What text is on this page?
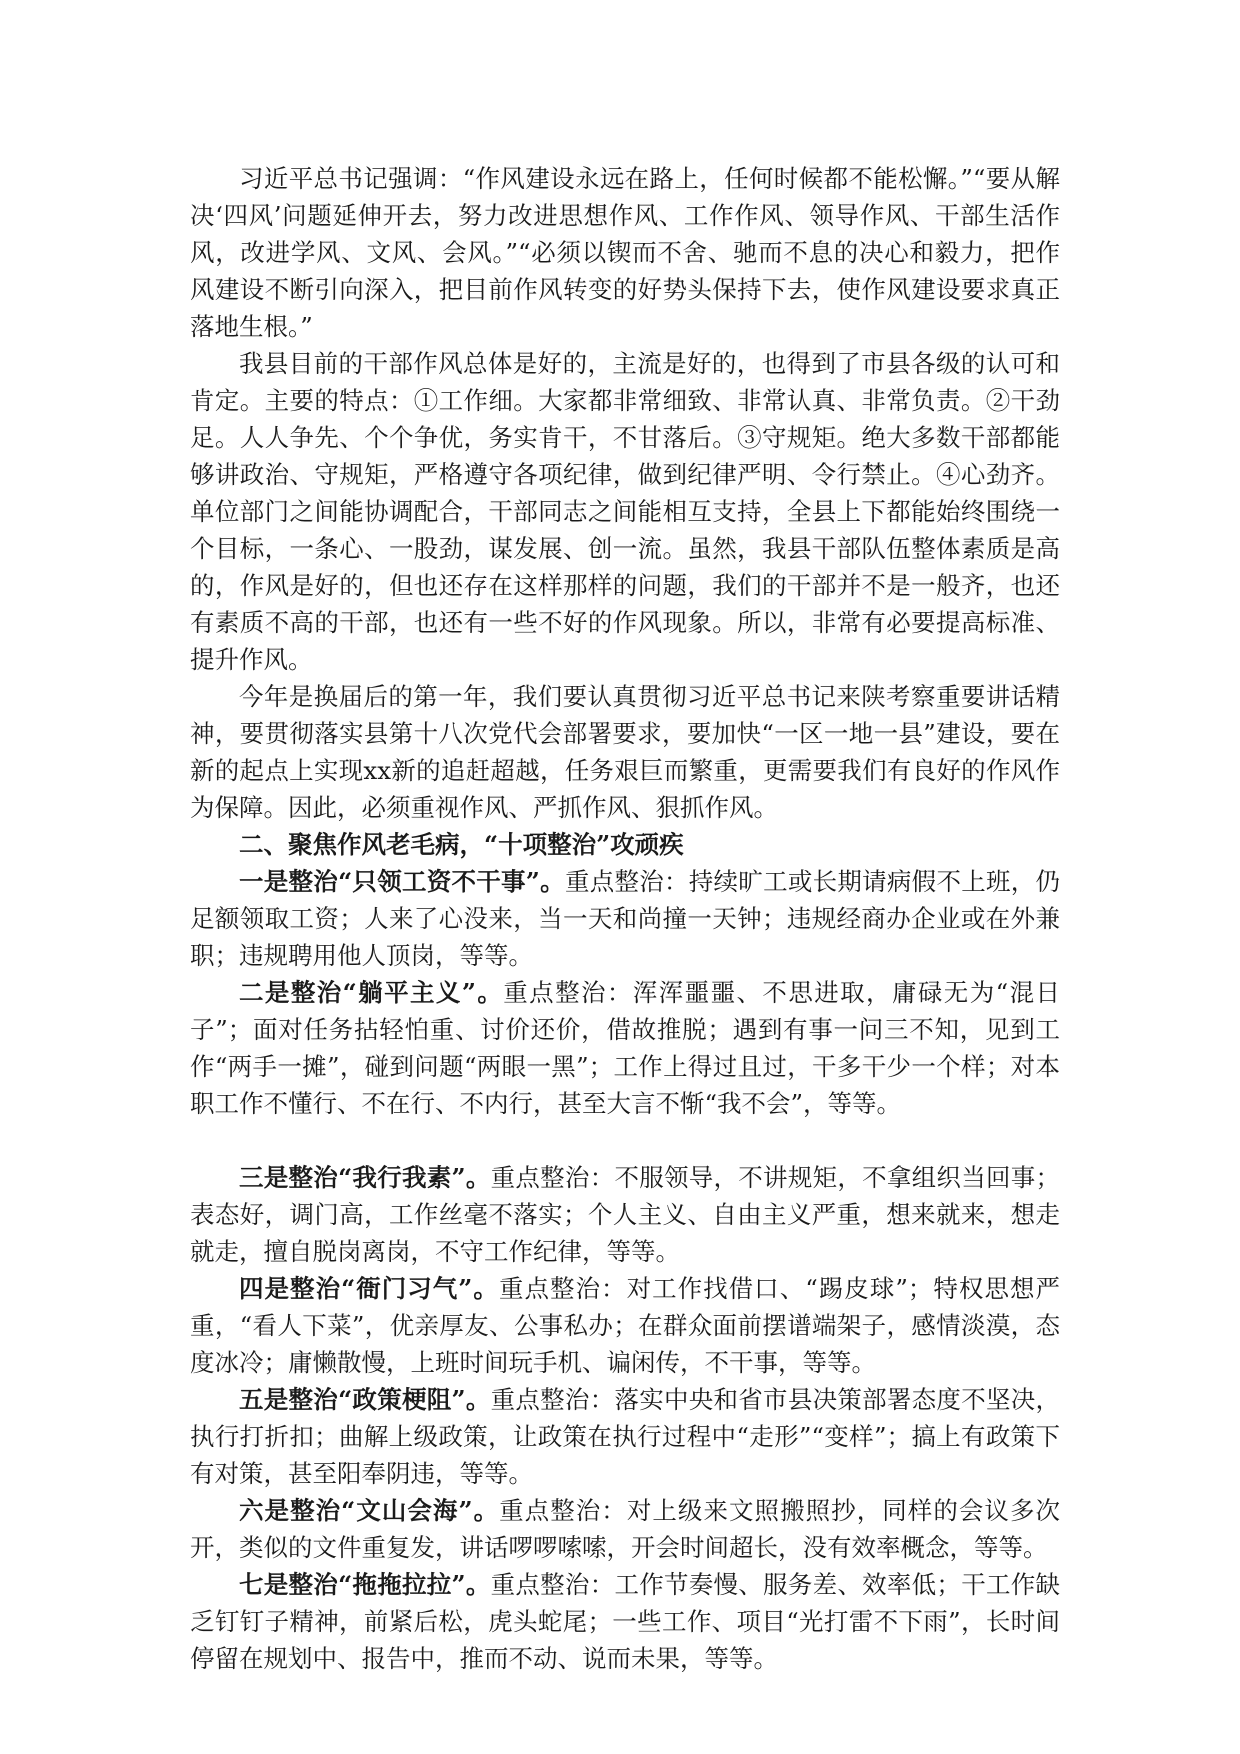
习近平总书记强调：“作风建设永远在路上，任何时候都不能松懈。”“要从解决‘四风’问题延伸开去，努力改进思想作风、工作作风、领导作风、干部生活作风，改进学风、文风、会风。”“必须以锲而不舍、驰而不息的决心和毅力，把作风建设不断引向深入，把目前作风转变的好势头保持下去，使作风建设要求真正落地生根。”

我县目前的干部作风总体是好的，主流是好的，也得到了市县各级的认可和肯定。主要的特点：①工作细。大家都非常细致、非常认真、非常负责。②干劲足。人人争先、个个争优，务实肯干，不甘落后。③守规矩。绝大多数干部都能够讲政治、守规矩，严格遵守各项纪律，做到纪律严明、令行禁止。④心劲齐。单位部门之间能协调配合，干部同志之间能相互支持，全县上下都能始终围绕一个目标，一条心、一股劲，谋发展、创一流。虽然，我县干部队伍整体素质是高的，作风是好的，但也还存在这样那样的问题，我们的干部并不是一般齐，也还有素质不高的干部，也还有一些不好的作风现象。所以，非常有必要提高标准、提升作风。

今年是换届后的第一年，我们要认真贯彻习近平总书记来陕考察重要讲话精神，要贯彻落实县第十八次党代会部署要求，要加快“一区一地一县”建设，要在新的起点上实现xx新的追赶超越，任务艰巨而繁重，更需要我们有良好的作风作为保障。因此，必须重视作风、严抓作风、狠抓作风。

二、聚焦作风老毛病，“十项整治”攻顽疾

一是整治“只领工资不干事”。重点整治：持续旷工或长期请病假不上班，仍足额领取工资；人来了心没来，当一天和尚撞一天钟；违规经商办企业或在外兼职；违规聘用他人顶岗，等等。

二是整治“躺平主义”。重点整治：浑浑噩噩、不思进取，庸碌无为“混日子”；面对任务拈轻怕重、讨价还价，借故推脱；遇到有事一问三不知，见到工作“两手一摊”，碰到问题“两眼一黑”；工作上得过且过，干多干少一个样；对本职工作不懂行、不在行、不内行，甚至大言不惭“我不会”，等等。

三是整治“我行我素”。重点整治：不服领导，不讲规矩，不拿组织当回事；表态好，调门高，工作丝毫不落实；个人主义、自由主义严重，想来就来，想走就走，擅自脱岗离岗，不守工作纪律，等等。

四是整治“衙门习气”。重点整治：对工作找借口、“踢皮球”；特权思想严重，“看人下菜”，优亲厚友、公事私办；在群众面前摆谱端架子，感情淡漠，态度冰冷；庸懒散慢，上班时间玩手机、谝闲传，不干事，等等。

五是整治“政策梗阻”。重点整治：落实中央和省市县决策部署态度不坚决，执行打折扣；曲解上级政策，让政策在执行过程中“走形”“变样”；搞上有政策下有对策，甚至阳奉阴违，等等。

六是整治“文山会海”。重点整治：对上级来文照搬照抄，同样的会议多次开，类似的文件重复发，讲话啰啰嗦嗦，开会时间超长，没有效率概念，等等。

七是整治“拖拖拉拉”。重点整治：工作节奏慢、服务差、效率低；干工作缺乏钉钉子精神，前紧后松，虎头蛇尾；一些工作、项目“光打雷不下雨”，长时间停留在规划中、报告中，推而不动、说而未果，等等。
